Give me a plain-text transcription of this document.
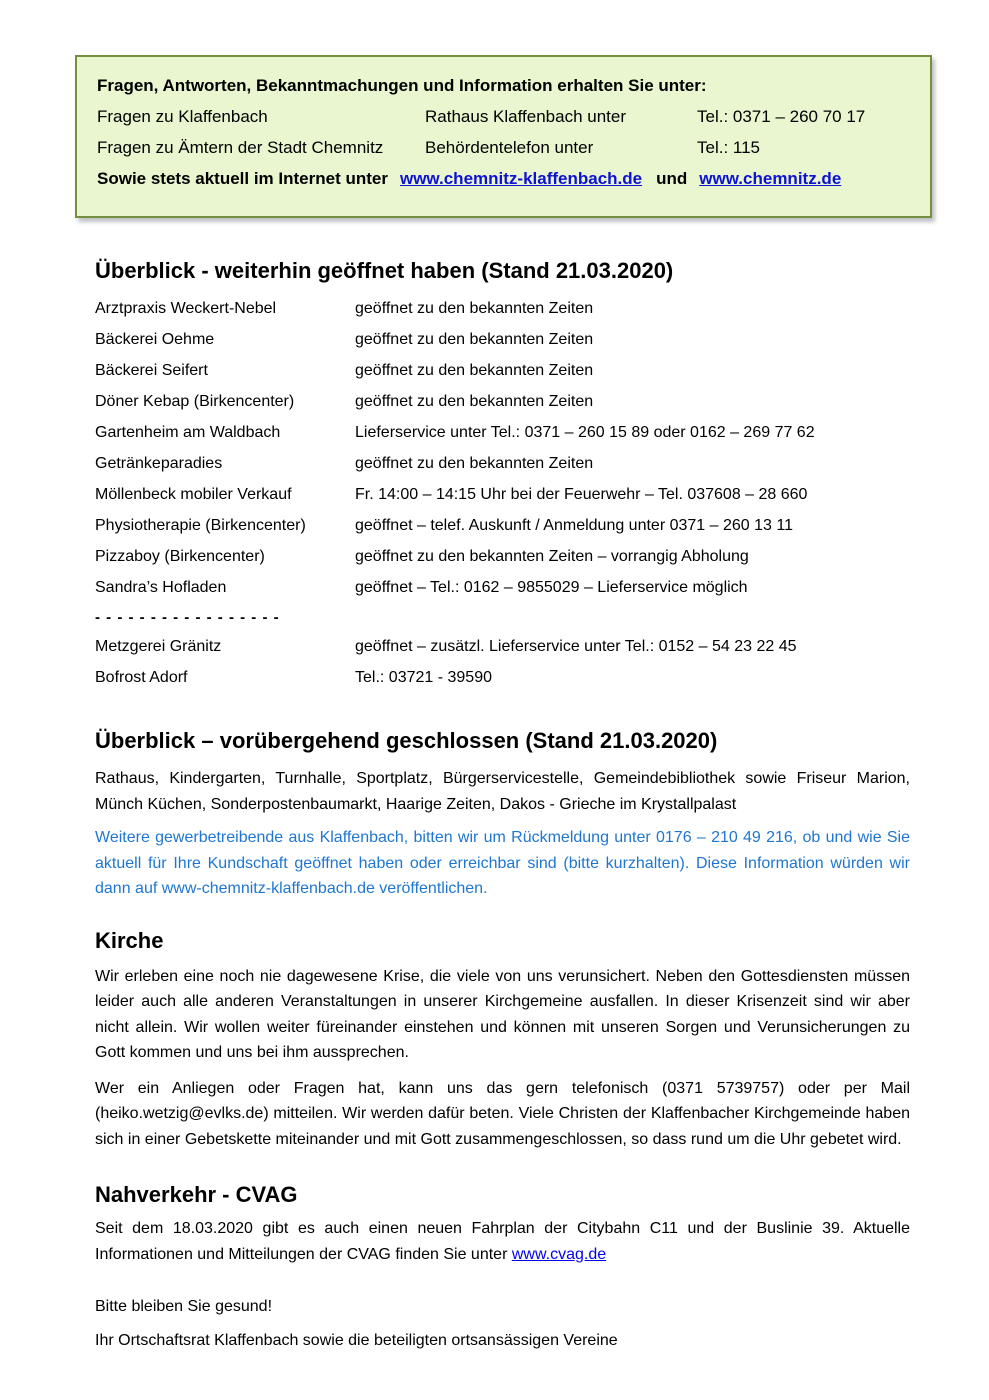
Fragen, Antworten, Bekanntmachungen und Information erhalten Sie unter:

Fragen zu Klaffenbach	Rathaus Klaffenbach unter	Tel.: 0371 – 260 70 17
Fragen zu Ämtern der Stadt Chemnitz	Behördentelefon unter	Tel.: 115

Sowie stets aktuell im Internet unter www.chemnitz-klaffenbach.de und www.chemnitz.de

Überblick - weiterhin geöffnet haben (Stand 21.03.2020)
Arztpraxis Weckert-Nebel	geöffnet zu den bekannten Zeiten
Bäckerei Oehme	geöffnet zu den bekannten Zeiten
Bäckerei Seifert	geöffnet zu den bekannten Zeiten
Döner Kebap (Birkencenter)	geöffnet zu den bekannten Zeiten
Gartenheim am Waldbach	Lieferservice unter Tel.: 0371 – 260 15 89 oder 0162 – 269 77 62
Getränkeparadies	geöffnet zu den bekannten Zeiten
Möllenbeck mobiler Verkauf	Fr. 14:00 – 14:15 Uhr bei der Feuerwehr – Tel. 037608 – 28 660
Physiotherapie (Birkencenter)	geöffnet – telef. Auskunft / Anmeldung unter 0371 – 260 13 11
Pizzaboy (Birkencenter)	geöffnet zu den bekannten Zeiten – vorrangig Abholung
Sandra’s Hofladen	geöffnet – Tel.: 0162 – 9855029 – Lieferservice möglich

- - - - - - - - - - - - - - - - -

Metzgerei Gränitz	geöffnet – zusätzl. Lieferservice unter Tel.: 0152 – 54 23 22 45
Bofrost Adorf	Tel.: 03721 - 39590
Überblick – vorübergehend geschlossen (Stand 21.03.2020)

Rathaus, Kindergarten, Turnhalle, Sportplatz, Bürgerservicestelle, Gemeindebibliothek sowie Friseur Marion, Münch Küchen, Sonderpostenbaumarkt, Haarige Zeiten, Dakos - Grieche im Krystallpalast

Weitere gewerbetreibende aus Klaffenbach, bitten wir um Rückmeldung unter 0176 – 210 49 216, ob und wie Sie aktuell für Ihre Kundschaft geöffnet haben oder erreichbar sind (bitte kurzhalten). Diese Information würden wir dann auf www-chemnitz-klaffenbach.de veröffentlichen.

Kirche

Wir erleben eine noch nie dagewesene Krise, die viele von uns verunsichert. Neben den Gottesdiensten müssen leider auch alle anderen Veranstaltungen in unserer Kirchgemeine ausfallen. In dieser Krisenzeit sind wir aber nicht allein. Wir wollen weiter füreinander einstehen und können mit unseren Sorgen und Verunsicherungen zu Gott kommen und uns bei ihm aussprechen.

Wer ein Anliegen oder Fragen hat, kann uns das gern telefonisch (0371 5739757) oder per Mail (heiko.wetzig@evlks.de) mitteilen. Wir werden dafür beten. Viele Christen der Klaffenbacher Kirchgemeinde haben sich in einer Gebetskette miteinander und mit Gott zusammengeschlossen, so dass rund um die Uhr gebetet wird.

Nahverkehr - CVAG

Seit dem 18.03.2020 gibt es auch einen neuen Fahrplan der Citybahn C11 und der Buslinie 39. Aktuelle Informationen und Mitteilungen der CVAG finden Sie unter www.cvag.de

Bitte bleiben Sie gesund!

Ihr Ortschaftsrat Klaffenbach sowie die beteiligten ortsansässigen Vereine
